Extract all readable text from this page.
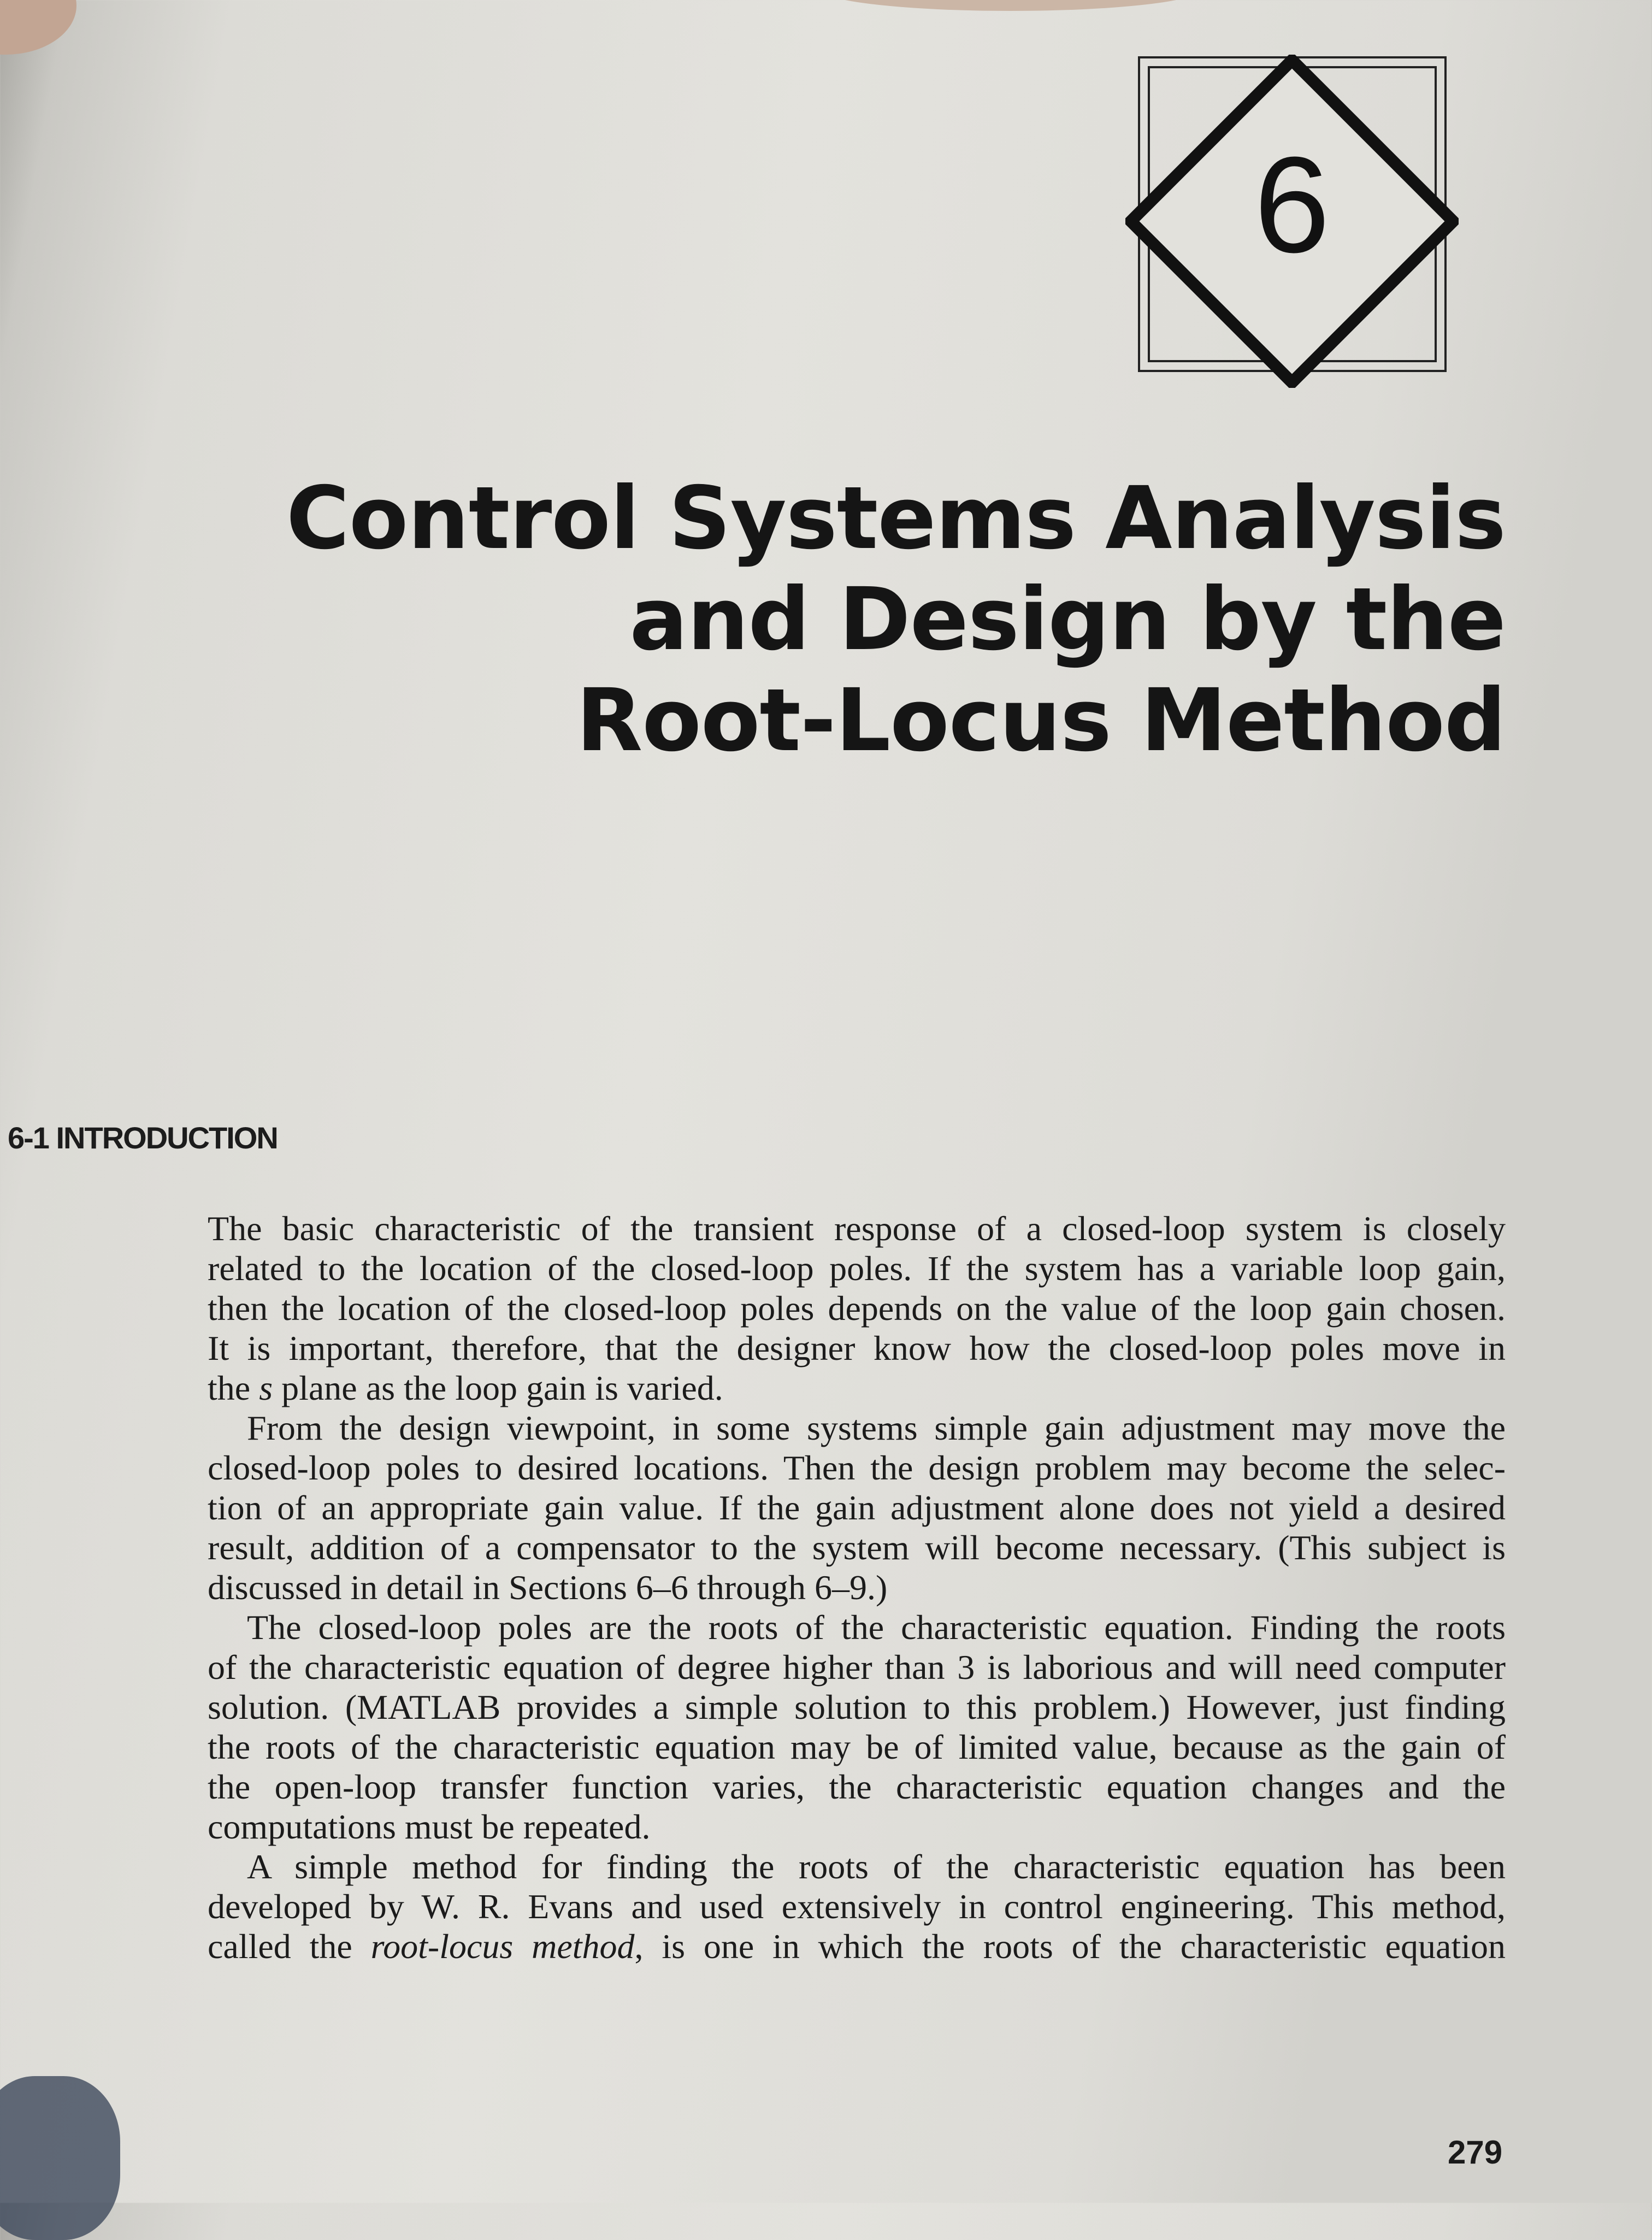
6
Control Systems Analysis
and Design by the
Root-Locus Method
6-1 INTRODUCTION
The basic characteristic of the transient response of a closed-loop system is closely
related to the location of the closed-loop poles. If the system has a variable loop gain,
then the location of the closed-loop poles depends on the value of the loop gain chosen.
It is important, therefore, that the designer know how the closed-loop poles move in
the s plane as the loop gain is varied.
From the design viewpoint, in some systems simple gain adjustment may move the
closed-loop poles to desired locations. Then the design problem may become the selec-
tion of an appropriate gain value. If the gain adjustment alone does not yield a desired
result, addition of a compensator to the system will become necessary. (This subject is
discussed in detail in Sections 6–6 through 6–9.)
The closed-loop poles are the roots of the characteristic equation. Finding the roots
of the characteristic equation of degree higher than 3 is laborious and will need computer
solution. (MATLAB provides a simple solution to this problem.) However, just finding
the roots of the characteristic equation may be of limited value, because as the gain of
the open-loop transfer function varies, the characteristic equation changes and the
computations must be repeated.
A simple method for finding the roots of the characteristic equation has been
developed by W. R. Evans and used extensively in control engineering. This method,
called the root-locus method, is one in which the roots of the characteristic equation
279
